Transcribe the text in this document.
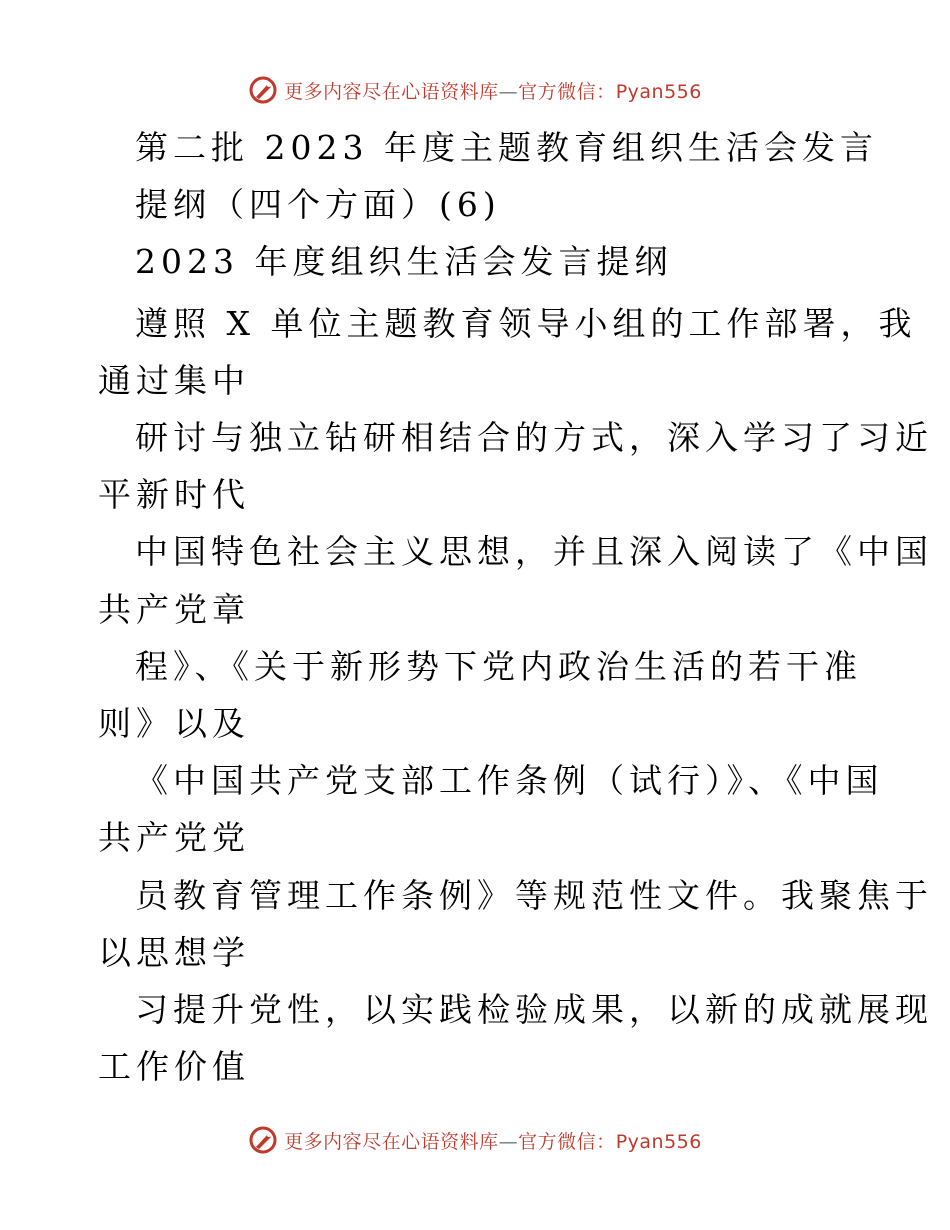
更多内容尽在心语资料库—官方微信：Pyan556
第二批 2023 年度主题教育组织生活会发言
提纲（四个方面）(6)
2023 年度组织生活会发言提纲
遵照 X 单位主题教育领导小组的工作部署，我
通过集中
研讨与独立钻研相结合的方式，深入学习了习近
平新时代
中国特色社会主义思想，并且深入阅读了《中国
共产党章
程》、《关于新形势下党内政治生活的若干准
则》以及
《中国共产党支部工作条例（试行）》、《中国
共产党党
员教育管理工作条例》等规范性文件。我聚焦于
以思想学
习提升党性，以实践检验成果，以新的成就展现
工作价值
更多内容尽在心语资料库—官方微信：Pyan556
